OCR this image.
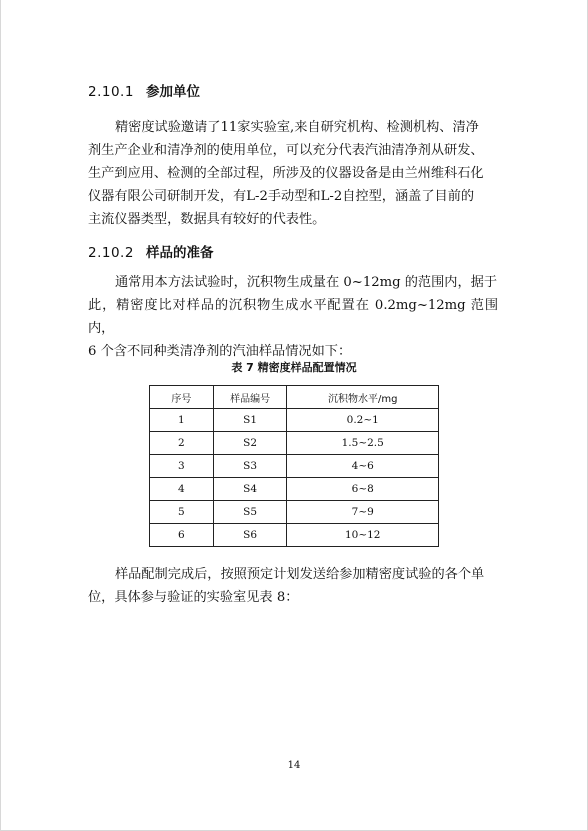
2.10.1 参加单位

精密度试验邀请了11家实验室,来自研究机构、检测机构、清净

剂生产企业和清净剂的使用单位，可以充分代表汽油清净剂从研发、

生产到应用、检测的全部过程，所涉及的仪器设备是由兰州维科石化

仪器有限公司研制开发，有L-2手动型和L-2自控型，涵盖了目前的

主流仪器类型，数据具有较好的代表性。

2.10.2 样品的准备

通常用本方法试验时，沉积物生成量在 0~12mg 的范围内，据于

此，精密度比对样品的沉积物生成水平配置在 0.2mg~12mg 范围内，

6 个含不同种类清净剂的汽油样品情况如下：

表 7 精密度样品配置情况
序号	样品编号	沉积物水平/mg
1	S1	0.2~1
2	S2	1.5~2.5
3	S3	4~6
4	S4	6~8
5	S5	7~9
6	S6	10~12

样品配制完成后，按照预定计划发送给参加精密度试验的各个单

位，具体参与验证的实验室见表 8：

14
